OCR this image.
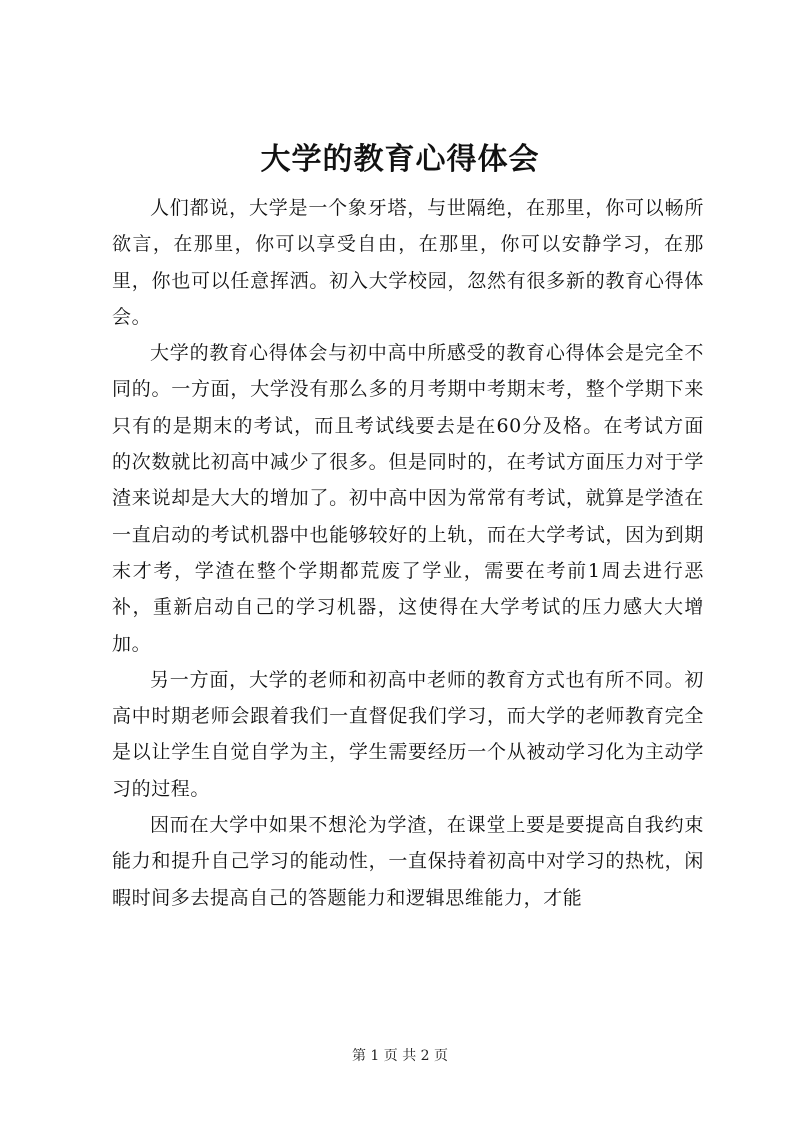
大学的教育心得体会

人们都说，大学是一个象牙塔，与世隔绝，在那里，你可以畅所欲言，在那里，你可以享受自由，在那里，你可以安静学习，在那里，你也可以任意挥洒。初入大学校园，忽然有很多新的教育心得体会。

大学的教育心得体会与初中高中所感受的教育心得体会是完全不同的。一方面，大学没有那么多的月考期中考期末考，整个学期下来只有的是期末的考试，而且考试线要去是在60分及格。在考试方面的次数就比初高中减少了很多。但是同时的，在考试方面压力对于学渣来说却是大大的增加了。初中高中因为常常有考试，就算是学渣在一直启动的考试机器中也能够较好的上轨，而在大学考试，因为到期末才考，学渣在整个学期都荒废了学业，需要在考前1周去进行恶补，重新启动自己的学习机器，这使得在大学考试的压力感大大增加。

另一方面，大学的老师和初高中老师的教育方式也有所不同。初高中时期老师会跟着我们一直督促我们学习，而大学的老师教育完全是以让学生自觉自学为主，学生需要经历一个从被动学习化为主动学习的过程。

因而在大学中如果不想沦为学渣，在课堂上要是要提高自我约束能力和提升自己学习的能动性，一直保持着初高中对学习的热枕，闲暇时间多去提高自己的答题能力和逻辑思维能力，才能

第 1 页 共 2 页
